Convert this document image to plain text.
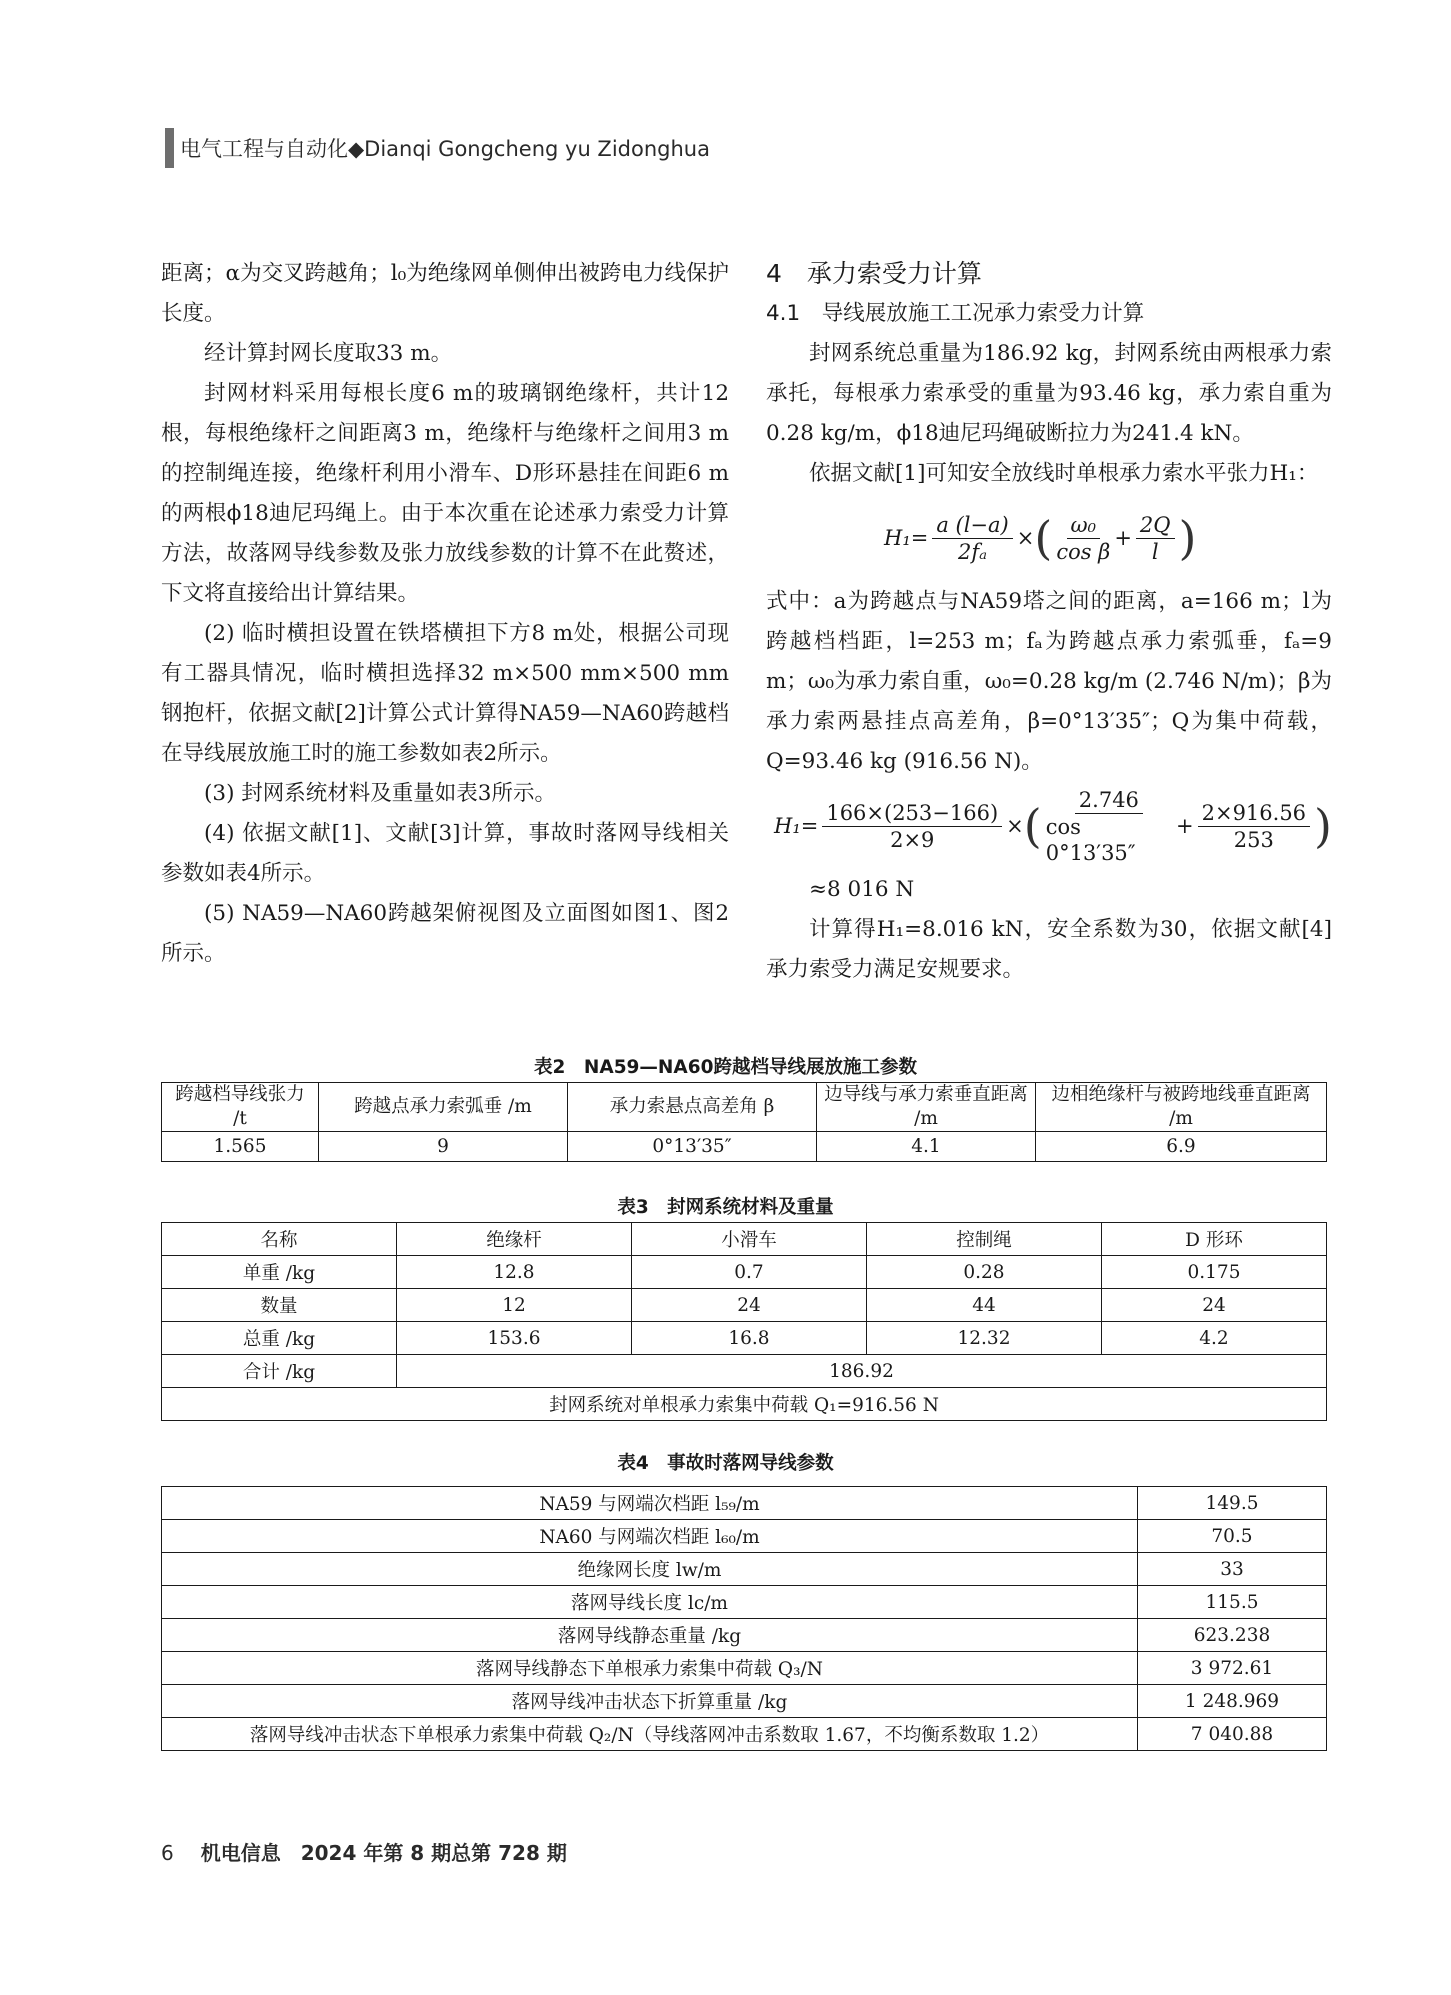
电气工程与自动化◆Dianqi Gongcheng yu Zidonghua

距离；α为交叉跨越角；l₀为绝缘网单侧伸出被跨电力线保护长度。

经计算封网长度取33 m。

封网材料采用每根长度6 m的玻璃钢绝缘杆，共计12根，每根绝缘杆之间距离3 m，绝缘杆与绝缘杆之间用3 m的控制绳连接，绝缘杆利用小滑车、D形环悬挂在间距6 m的两根ϕ18迪尼玛绳上。由于本次重在论述承力索受力计算方法，故落网导线参数及张力放线参数的计算不在此赘述，下文将直接给出计算结果。

(2) 临时横担设置在铁塔横担下方8 m处，根据公司现有工器具情况，临时横担选择32 m×500 mm×500 mm钢抱杆，依据文献[2]计算公式计算得NA59—NA60跨越档在导线展放施工时的施工参数如表2所示。

(3) 封网系统材料及重量如表3所示。

(4) 依据文献[1]、文献[3]计算，事故时落网导线相关参数如表4所示。

(5) NA59—NA60跨越架俯视图及立面图如图1、图2所示。

4　承力索受力计算

4.1　导线展放施工工况承力索受力计算

封网系统总重量为186.92 kg，封网系统由两根承力索承托，每根承力索承受的重量为93.46 kg，承力索自重为0.28 kg/m，ϕ18迪尼玛绳破断拉力为241.4 kN。

依据文献[1]可知安全放线时单根承力索水平张力H₁：

$H_1= \frac{a (l-a)}{\text{2fₐ}}$ × ( $\frac{\text{ω₀}}{\text{cos β}} + \frac{2Q}{l}$ )

式中：a为跨越点与NA59塔之间的距离，a=166 m；l为跨越档档距，l=253 m；fₐ为跨越点承力索弧垂，fₐ=9 m；ω₀为承力索自重，ω₀=0.28 kg/m (2.746 N/m)；β为承力索两悬挂点高差角，β=0°13′35″；Q为集中荷载，Q=93.46 kg (916.56 N)。

$H_1= \frac{166\times(253-166)}{2\times 9}$ × ( $\frac{2.746}{\cos 0^\circ 13'35''} + \frac{2\times 916.56}{253}$ )

≈8 016 N

计算得H₁=8.016 kN，安全系数为30，依据文献[4]承力索受力满足安规要求。

表2　NA59—NA60跨越档导线展放施工参数
跨越档导线张力 /t	跨越点承力索弧垂 /m	承力索悬点高差角 β	边导线与承力索垂直距离 /m	边相绝缘杆与被跨地线垂直距离 /m
1.565	9	0°13′35″	4.1	6.9
表3　封网系统材料及重量
名称	绝缘杆	小滑车	控制绳	D 形环
单重 /kg	12.8	0.7	0.28	0.175
数量	12	24	44	24
总重 /kg	153.6	16.8	12.32	4.2
合计 /kg	186.92			
封网系统对单根承力索集中荷载 Q₁=916.56 N				
表4　事故时落网导线参数
NA59 与网端次档距 l₅₉/m	149.5
NA60 与网端次档距 l₆₀/m	70.5
绝缘网长度 lw/m	33
落网导线长度 lc/m	115.5
落网导线静态重量 /kg	623.238
落网导线静态下单根承力索集中荷载 Q₃/N	3 972.61
落网导线冲击状态下折算重量 /kg	1 248.969
落网导线冲击状态下单根承力索集中荷载 Q₂/N（导线落网冲击系数取 1.67，不均衡系数取 1.2）	7 040.88
6 机电信息　2024 年第 8 期总第 728 期
